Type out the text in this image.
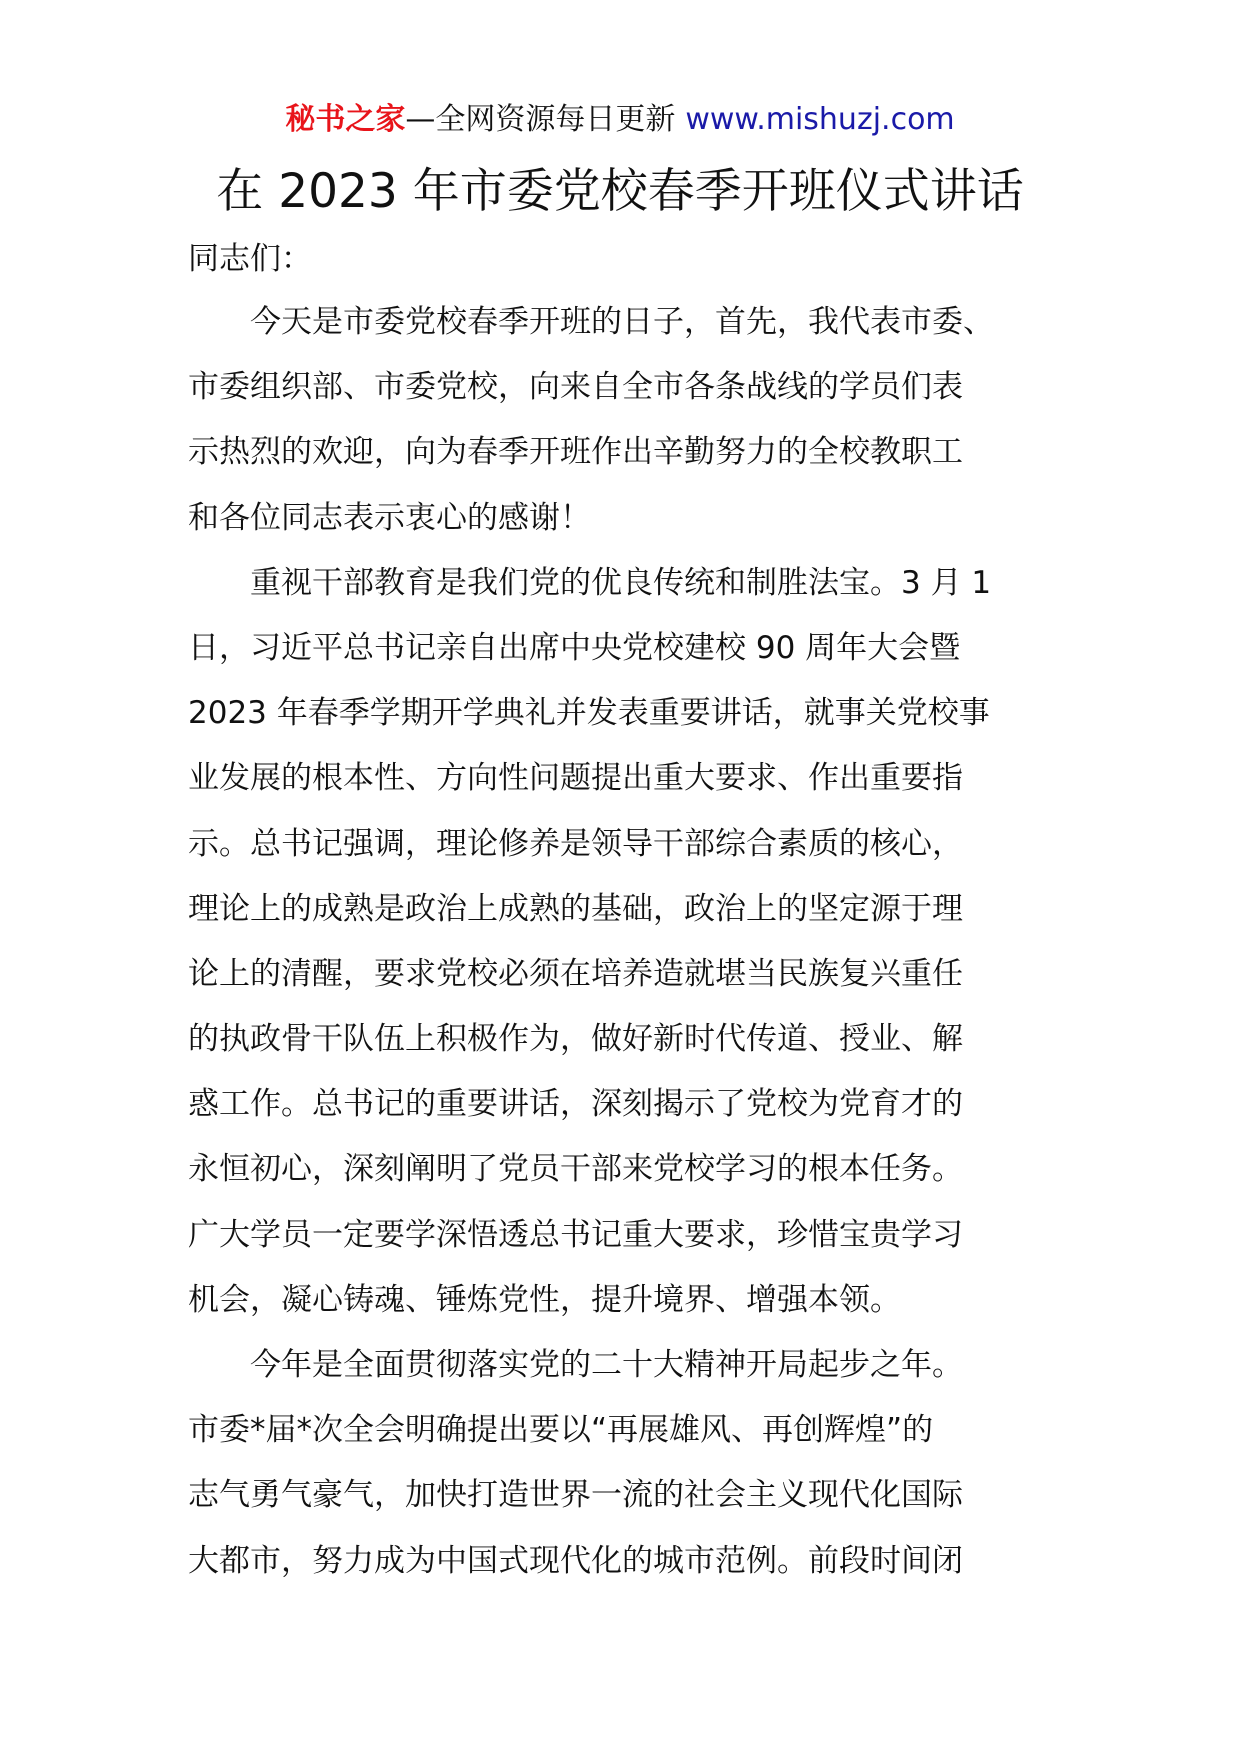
秘书之家—全网资源每日更新 www.mishuzj.com
在 2023 年市委党校春季开班仪式讲话
同志们：
　　今天是市委党校春季开班的日子，首先，我代表市委、
市委组织部、市委党校，向来自全市各条战线的学员们表
示热烈的欢迎，向为春季开班作出辛勤努力的全校教职工
和各位同志表示衷心的感谢！
　　重视干部教育是我们党的优良传统和制胜法宝。3 月 1
日，习近平总书记亲自出席中央党校建校 90 周年大会暨
2023 年春季学期开学典礼并发表重要讲话，就事关党校事
业发展的根本性、方向性问题提出重大要求、作出重要指
示。总书记强调，理论修养是领导干部综合素质的核心，
理论上的成熟是政治上成熟的基础，政治上的坚定源于理
论上的清醒，要求党校必须在培养造就堪当民族复兴重任
的执政骨干队伍上积极作为，做好新时代传道、授业、解
惑工作。总书记的重要讲话，深刻揭示了党校为党育才的
永恒初心，深刻阐明了党员干部来党校学习的根本任务。
广大学员一定要学深悟透总书记重大要求，珍惜宝贵学习
机会，凝心铸魂、锤炼党性，提升境界、增强本领。
　　今年是全面贯彻落实党的二十大精神开局起步之年。
市委*届*次全会明确提出要以“再展雄风、再创辉煌”的
志气勇气豪气，加快打造世界一流的社会主义现代化国际
大都市，努力成为中国式现代化的城市范例。前段时间闭
